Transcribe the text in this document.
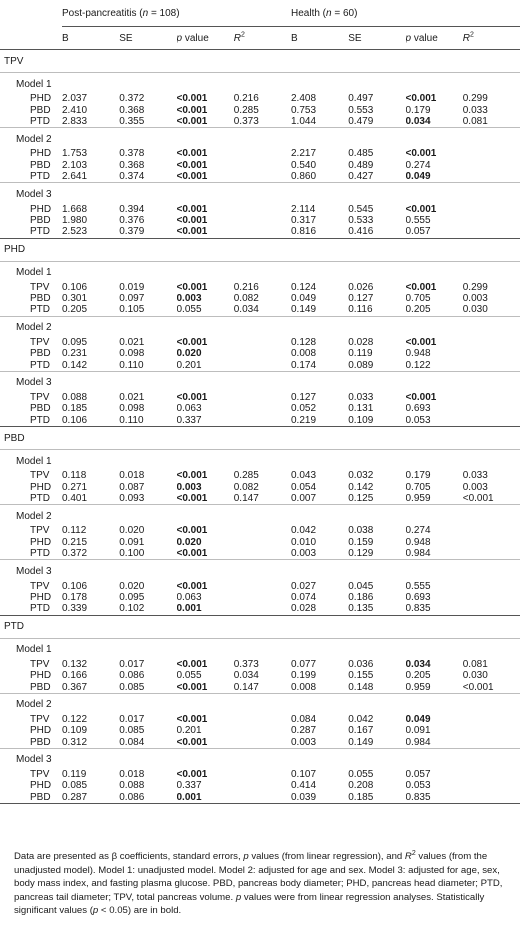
	Post-pancreatitis (n = 108)				Health (n = 60)			
	B	SE	p value	$R^2$	B	SE	p value	$R^2$
TPV								
Model 1								
PHD	2.037	0.372	<0.001	0.216	2.408	0.497	<0.001	0.299
PBD	2.410	0.368	<0.001	0.285	0.753	0.553	0.179	0.033
PTD	2.833	0.355	<0.001	0.373	1.044	0.479	0.034	0.081
Model 2								
PHD	1.753	0.378	<0.001		2.217	0.485	<0.001	
PBD	2.103	0.368	<0.001		0.540	0.489	0.274	
PTD	2.641	0.374	<0.001		0.860	0.427	0.049	
Model 3								
PHD	1.668	0.394	<0.001		2.114	0.545	<0.001	
PBD	1.980	0.376	<0.001		0.317	0.533	0.555	
PTD	2.523	0.379	<0.001		0.816	0.416	0.057	
PHD								
Model 1								
TPV	0.106	0.019	<0.001	0.216	0.124	0.026	<0.001	0.299
PBD	0.301	0.097	0.003	0.082	0.049	0.127	0.705	0.003
PTD	0.205	0.105	0.055	0.034	0.149	0.116	0.205	0.030
Model 2								
TPV	0.095	0.021	<0.001		0.128	0.028	<0.001	
PBD	0.231	0.098	0.020		0.008	0.119	0.948	
PTD	0.142	0.110	0.201		0.174	0.089	0.122	
Model 3								
TPV	0.088	0.021	<0.001		0.127	0.033	<0.001	
PBD	0.185	0.098	0.063		0.052	0.131	0.693	
PTD	0.106	0.110	0.337		0.219	0.109	0.053	
PBD								
Model 1								
TPV	0.118	0.018	<0.001	0.285	0.043	0.032	0.179	0.033
PHD	0.271	0.087	0.003	0.082	0.054	0.142	0.705	0.003
PTD	0.401	0.093	<0.001	0.147	0.007	0.125	0.959	<0.001
Model 2								
TPV	0.112	0.020	<0.001		0.042	0.038	0.274	
PHD	0.215	0.091	0.020		0.010	0.159	0.948	
PTD	0.372	0.100	<0.001		0.003	0.129	0.984	
Model 3								
TPV	0.106	0.020	<0.001		0.027	0.045	0.555	
PHD	0.178	0.095	0.063		0.074	0.186	0.693	
PTD	0.339	0.102	0.001		0.028	0.135	0.835	
PTD								
Model 1								
TPV	0.132	0.017	<0.001	0.373	0.077	0.036	0.034	0.081
PHD	0.166	0.086	0.055	0.034	0.199	0.155	0.205	0.030
PBD	0.367	0.085	<0.001	0.147	0.008	0.148	0.959	<0.001
Model 2								
TPV	0.122	0.017	<0.001		0.084	0.042	0.049	
PHD	0.109	0.085	0.201		0.287	0.167	0.091	
PBD	0.312	0.084	<0.001		0.003	0.149	0.984	
Model 3								
TPV	0.119	0.018	<0.001		0.107	0.055	0.057	
PHD	0.085	0.088	0.337		0.414	0.208	0.053	
PBD	0.287	0.086	0.001		0.039	0.185	0.835	

Data are presented as β coefficients, standard errors, p values (from linear regression), and $R^2$ values (from the unadjusted model). Model 1: unadjusted model. Model 2: adjusted for age and sex. Model 3: adjusted for age, sex, body mass index, and fasting plasma glucose. PBD, pancreas body diameter; PHD, pancreas head diameter; PTD, pancreas tail diameter; TPV, total pancreas volume. p values were from linear regression analyses. Statistically significant values (p < 0.05) are in bold.
